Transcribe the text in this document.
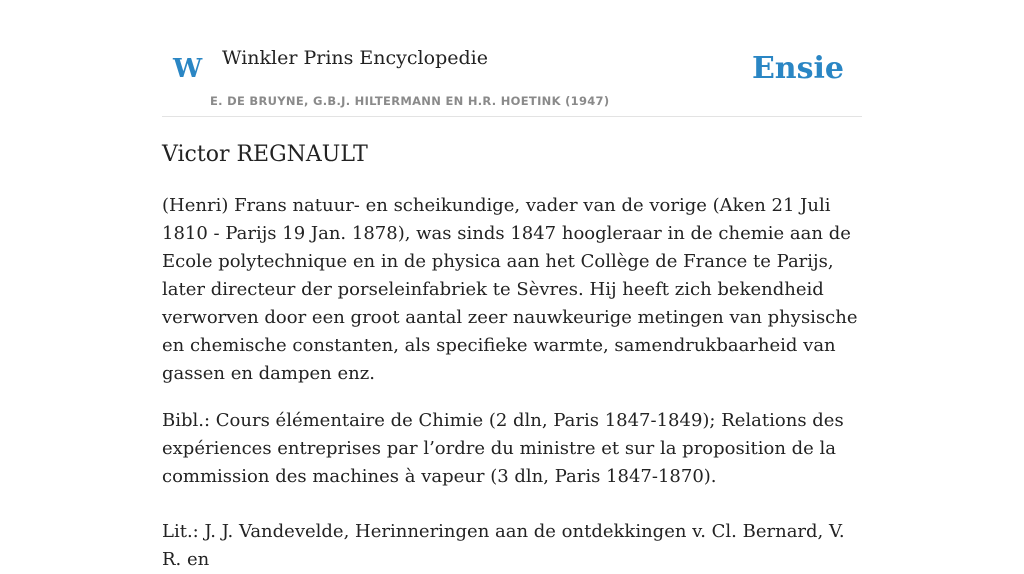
W Winkler Prins Encyclopedie
E. DE BRUYNE, G.B.J. HILTERMANN EN H.R. HOETINK (1947)
Ensie
Victor REGNAULT

(Henri) Frans natuur- en scheikundige, vader van de vorige (Aken 21 Juli 1810 - Parijs 19 Jan. 1878), was sinds 1847 hoogleraar in de chemie aan de Ecole polytechnique en in de physica aan het Collège de France te Parijs, later directeur der porseleinfabriek te Sèvres. Hij heeft zich bekendheid verworven door een groot aantal zeer nauwkeurige metingen van physische en chemische constanten, als specifieke warmte, samendrukbaarheid van gassen en dampen enz.

Bibl.: Cours élémentaire de Chimie (2 dln, Paris 1847-1849); Relations des expériences entreprises par l’ordre du ministre et sur la proposition de la commission des machines à vapeur (3 dln, Paris 1847-1870).

Lit.: J. J. Vandevelde, Herinneringen aan de ontdekkingen v. Cl. Bernard, V. R. en
